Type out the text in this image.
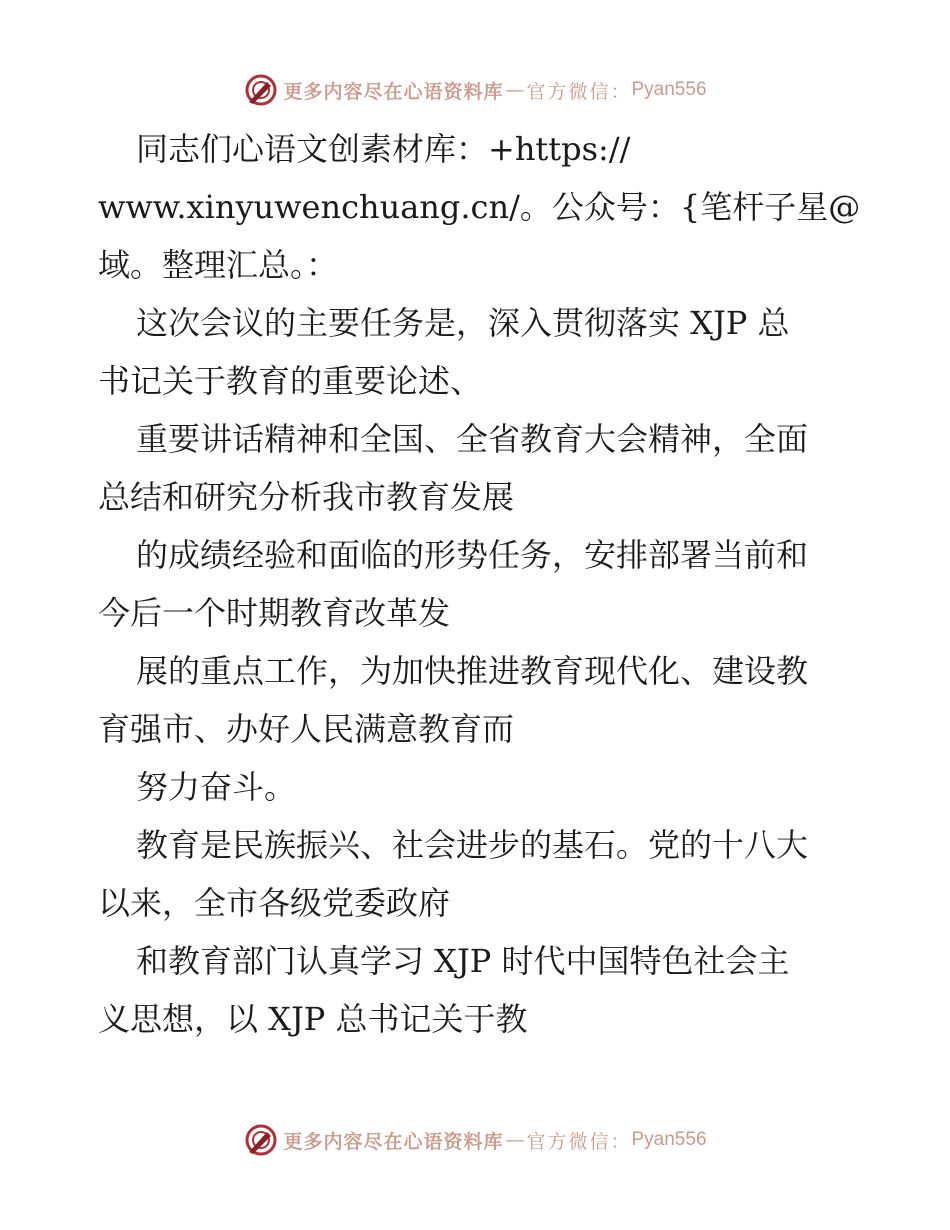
更多内容尽在心语资料库 — 官方微信： Pyan556
同志们心语文创素材库：+https://
www.xinyuwenchuang.cn/。公众号：{笔杆子星@
域。整理汇总。：
这次会议的主要任务是，深入贯彻落实 XJP 总
书记关于教育的重要论述、
重要讲话精神和全国、全省教育大会精神，全面
总结和研究分析我市教育发展
的成绩经验和面临的形势任务，安排部署当前和
今后一个时期教育改革发
展的重点工作，为加快推进教育现代化、建设教
育强市、办好人民满意教育而
努力奋斗。
教育是民族振兴、社会进步的基石。党的十八大
以来，全市各级党委政府
和教育部门认真学习 XJP 时代中国特色社会主
义思想，以 XJP 总书记关于教
更多内容尽在心语资料库 — 官方微信： Pyan556
